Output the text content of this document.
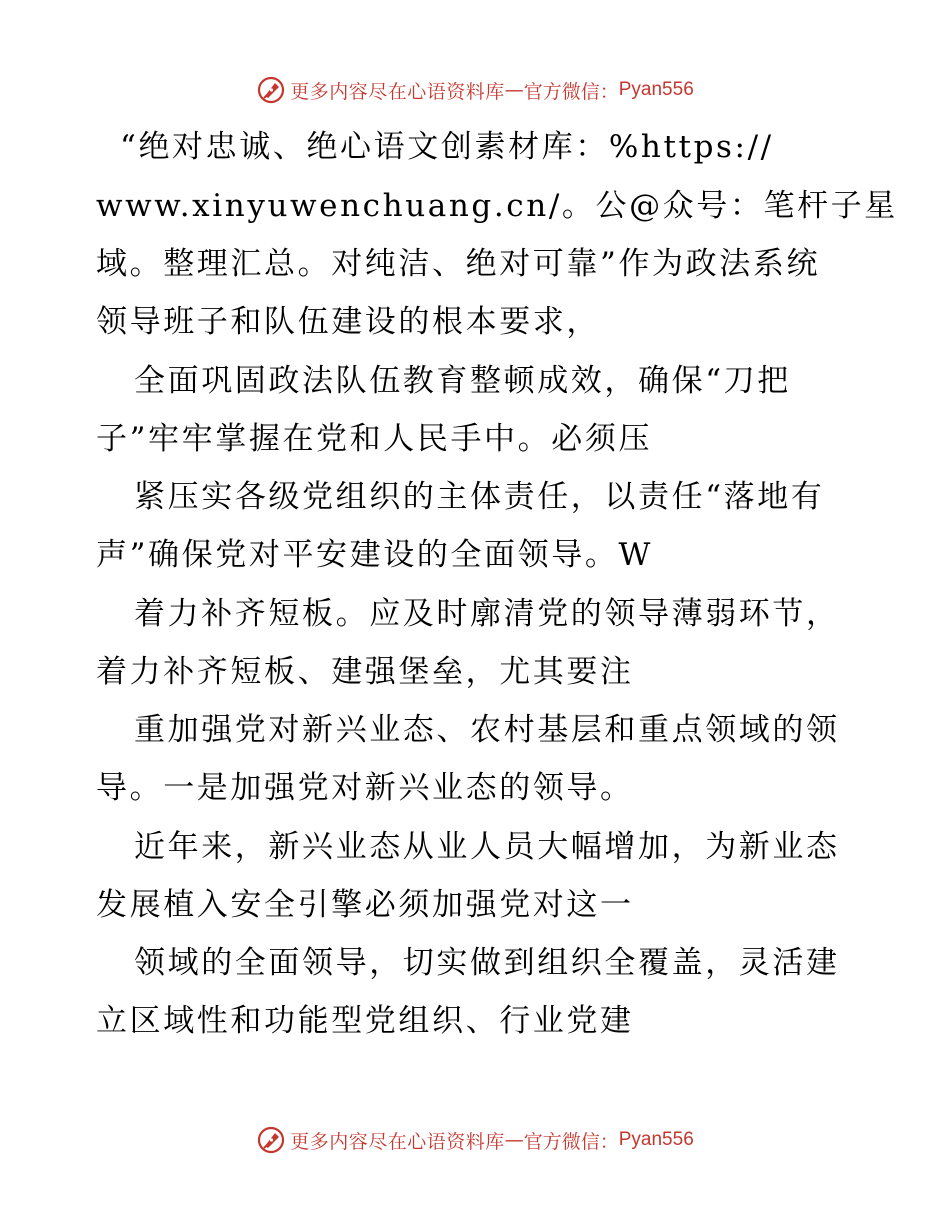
更多内容尽在心语资料库 — 官方微信： Pyan556
“绝对忠诚、绝心语文创素材库：%https://
www.xinyuwenchuang.cn/。公@众号：笔杆子星
域。整理汇总。对纯洁、绝对可靠”作为政法系统
领导班子和队伍建设的根本要求，
全面巩固政法队伍教育整顿成效，确保“刀把
子”牢牢掌握在党和人民手中。必须压
紧压实各级党组织的主体责任，以责任“落地有
声”确保党对平安建设的全面领导。W
着力补齐短板。应及时廓清党的领导薄弱环节，
着力补齐短板、建强堡垒，尤其要注
重加强党对新兴业态、农村基层和重点领域的领
导。一是加强党对新兴业态的领导。
近年来，新兴业态从业人员大幅增加，为新业态
发展植入安全引擎必须加强党对这一
领域的全面领导，切实做到组织全覆盖，灵活建
立区域性和功能型党组织、行业党建
更多内容尽在心语资料库 — 官方微信： Pyan556
